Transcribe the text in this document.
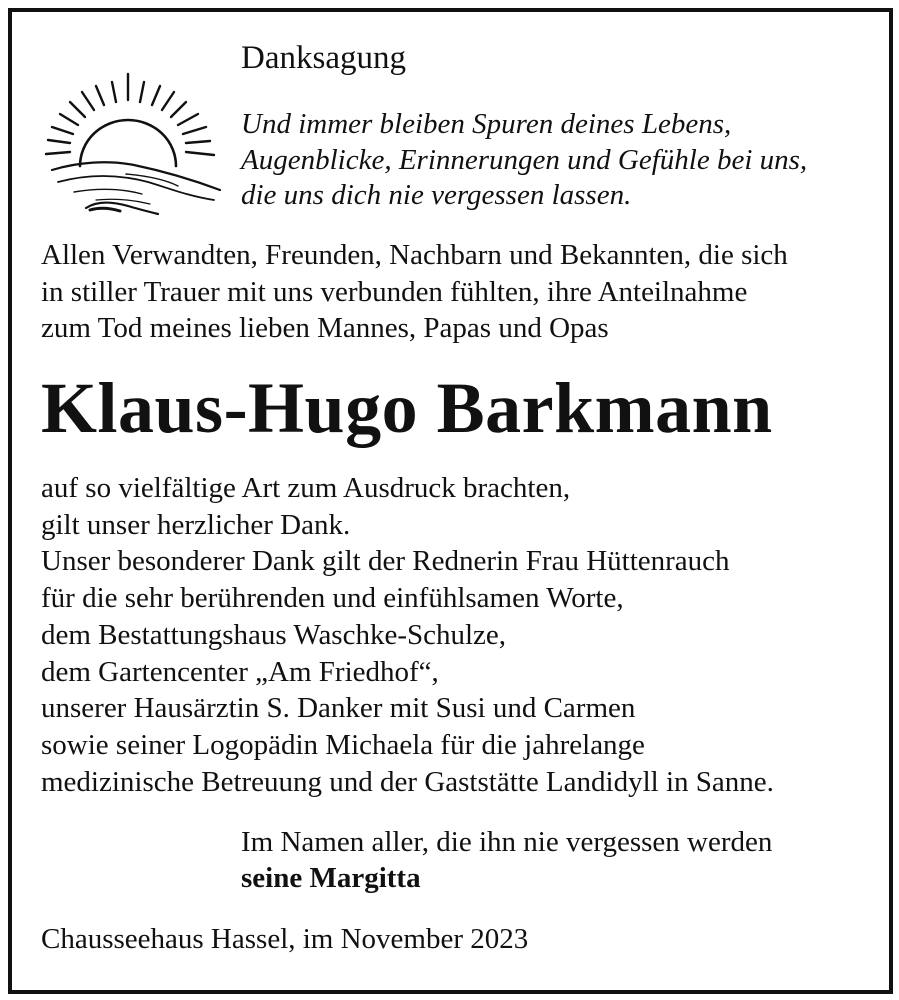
Danksagung
Und immer bleiben Spuren deines Lebens,
Augenblicke, Erinnerungen und Gefühle bei uns,
die uns dich nie vergessen lassen.
Allen Verwandten, Freunden, Nachbarn und Bekannten, die sich
in stiller Trauer mit uns verbunden fühlten, ihre Anteilnahme
zum Tod meines lieben Mannes, Papas und Opas
Klaus-Hugo Barkmann
auf so vielfältige Art zum Ausdruck brachten,
gilt unser herzlicher Dank.
Unser besonderer Dank gilt der Rednerin Frau Hüttenrauch
für die sehr berührenden und einfühlsamen Worte,
dem Bestattungshaus Waschke-Schulze,
dem Gartencenter „Am Friedhof“,
unserer Hausärztin S. Danker mit Susi und Carmen
sowie seiner Logopädin Michaela für die jahrelange
medizinische Betreuung und der Gaststätte Landidyll in Sanne.
Im Namen aller, die ihn nie vergessen werden
seine Margitta
Chausseehaus Hassel, im November 2023
